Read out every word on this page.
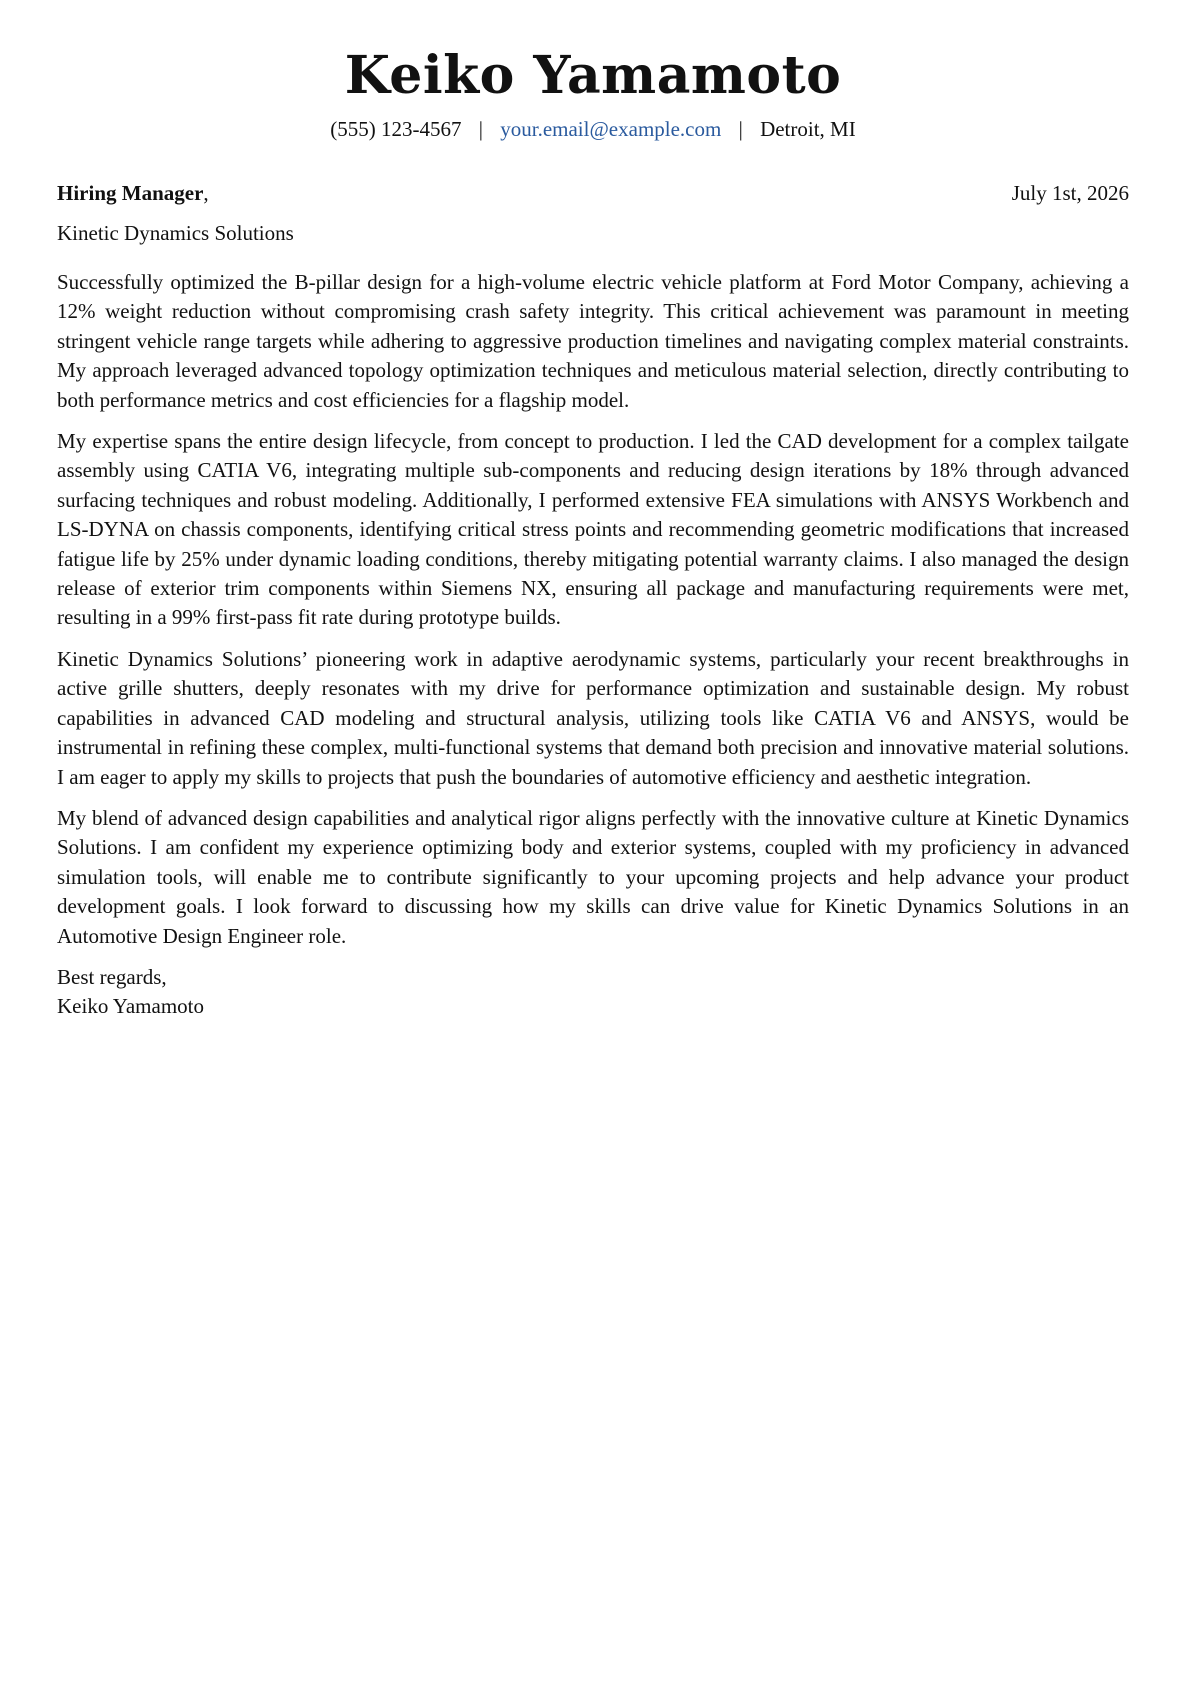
Keiko Yamamoto
(555) 123-4567 | your.email@example.com | Detroit, MI
Hiring Manager,	July 1st, 2026
Kinetic Dynamics Solutions

Successfully optimized the B-pillar design for a high-volume electric vehicle platform at Ford Motor Company, achieving a 12% weight reduction without compromising crash safety integrity. This critical achievement was paramount in meeting stringent vehicle range targets while adhering to aggressive production timelines and navigating complex material constraints. My approach leveraged advanced topology optimization techniques and meticulous material selection, directly contributing to both performance metrics and cost efficiencies for a flagship model.

My expertise spans the entire design lifecycle, from concept to production. I led the CAD development for a complex tailgate assembly using CATIA V6, integrating multiple sub-components and reducing design iterations by 18% through advanced surfacing techniques and robust modeling. Additionally, I performed extensive FEA simulations with ANSYS Workbench and LS-DYNA on chassis components, identifying critical stress points and recommending geometric modifications that increased fatigue life by 25% under dynamic loading conditions, thereby mitigating potential warranty claims. I also managed the design release of exterior trim components within Siemens NX, ensuring all package and manufacturing requirements were met, resulting in a 99% first-pass fit rate during prototype builds.

Kinetic Dynamics Solutions’ pioneering work in adaptive aerodynamic systems, particularly your recent breakthroughs in active grille shutters, deeply resonates with my drive for performance optimization and sustainable design. My robust capabilities in advanced CAD modeling and structural analysis, utilizing tools like CATIA V6 and ANSYS, would be instrumental in refining these complex, multi-functional systems that demand both precision and innovative material solutions. I am eager to apply my skills to projects that push the boundaries of automotive efficiency and aesthetic integration.

My blend of advanced design capabilities and analytical rigor aligns perfectly with the innovative culture at Kinetic Dynamics Solutions. I am confident my experience optimizing body and exterior systems, coupled with my proficiency in advanced simulation tools, will enable me to contribute significantly to your upcoming projects and help advance your product development goals. I look forward to discussing how my skills can drive value for Kinetic Dynamics Solutions in an Automotive Design Engineer role.

Best regards,
Keiko Yamamoto
